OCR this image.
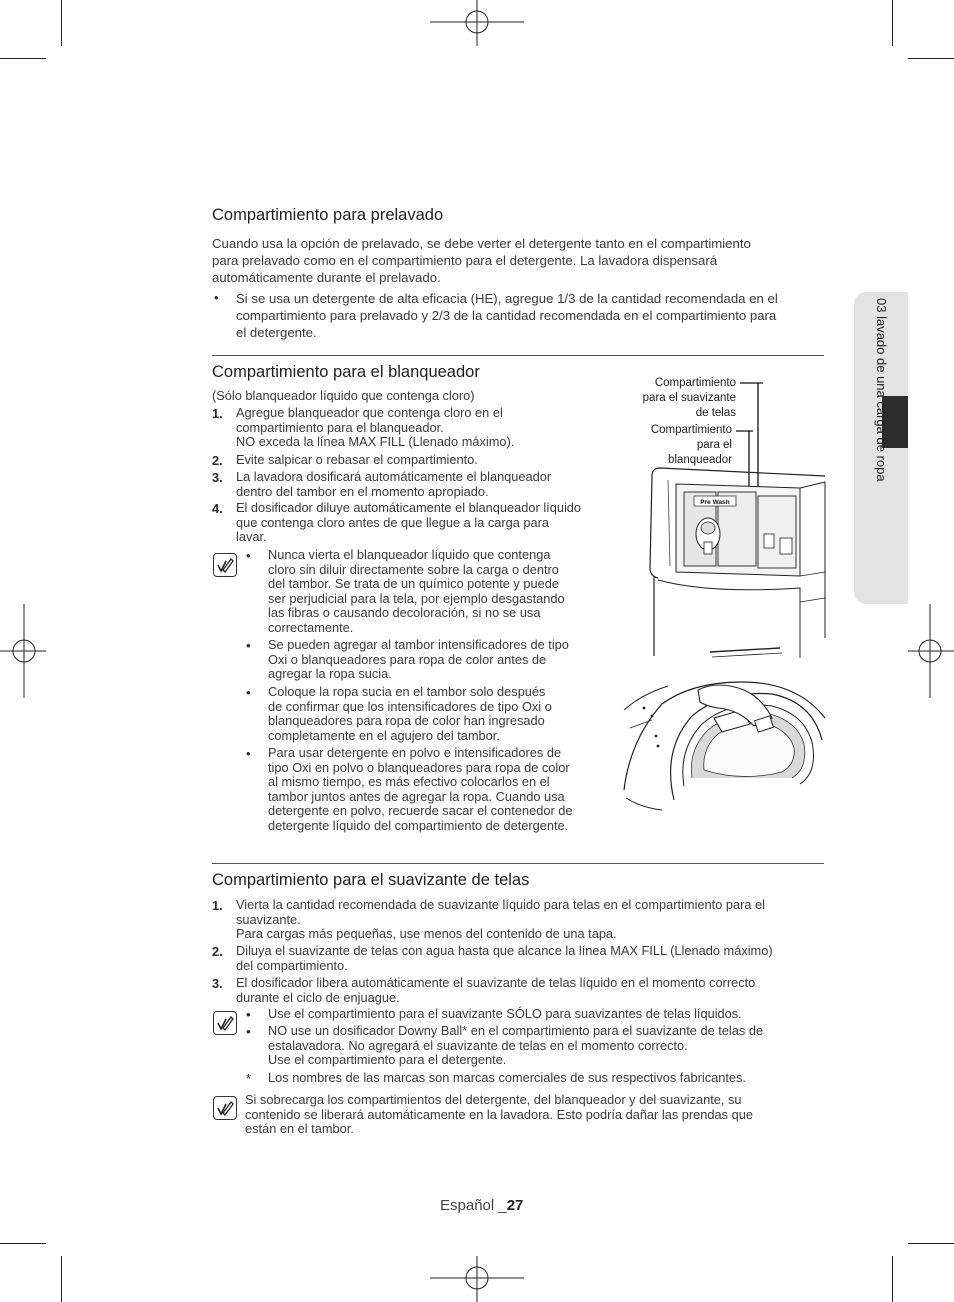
03 lavado de una carga de ropa
Compartimiento para prelavado
Cuando usa la opción de prelavado, se debe verter el detergente tanto en el compartimiento
para prelavado como en el compartimiento para el detergente. La lavadora dispensará
automáticamente durante el prelavado.
• Si se usa un detergente de alta eficacia (HE), agregue 1/3 de la cantidad recomendada en el
compartimiento para prelavado y 2/3 de la cantidad recomendada en el compartimiento para
el detergente.
Compartimiento para el blanqueador
(Sólo blanqueador líquido que contenga cloro)
1. Agregue blanqueador que contenga cloro en el
compartimiento para el blanqueador.
NO exceda la línea MAX FILL (Llenado máximo).
2. Evite salpicar o rebasar el compartimiento.
3. La lavadora dosificará automáticamente el blanqueador
dentro del tambor en el momento apropiado.
4. El dosificador diluye automáticamente el blanqueador líquido
que contenga cloro antes de que llegue a la carga para
lavar.
• Nunca vierta el blanqueador líquido que contenga
cloro sin diluir directamente sobre la carga o dentro
del tambor. Se trata de un químico potente y puede
ser perjudicial para la tela, por ejemplo desgastando
las fibras o causando decoloración, si no se usa
correctamente.
• Se pueden agregar al tambor intensificadores de tipo
Oxi o blanqueadores para ropa de color antes de
agregar la ropa sucia.
• Coloque la ropa sucia en el tambor solo después
de confirmar que los intensificadores de tipo Oxi o
blanqueadores para ropa de color han ingresado
completamente en el agujero del tambor.
• Para usar detergente en polvo e intensificadores de
tipo Oxi en polvo o blanqueadores para ropa de color
al mismo tiempo, es más efectivo colocarlos en el
tambor juntos antes de agregar la ropa. Cuando usa
detergente en polvo, recuerde sacar el contenedor de
detergente líquido del compartimiento de detergente.
Compartimiento
para el suavizante
de telas
Compartimiento
para el
blanqueador
Pre Wash
Compartimiento para el suavizante de telas
1. Vierta la cantidad recomendada de suavizante líquido para telas en el compartimiento para el
suavizante.
Para cargas más pequeñas, use menos del contenido de una tapa.
2. Diluya el suavizante de telas con agua hasta que alcance la línea MAX FILL (Llenado máximo)
del compartimiento.
3. El dosificador libera automáticamente el suavizante de telas líquido en el momento correcto
durante el ciclo de enjuague.
• Use el compartimiento para el suavizante SÓLO para suavizantes de telas líquidos.
• NO use un dosificador Downy Ball* en el compartimiento para el suavizante de telas de
estalavadora. No agregará el suavizante de telas en el momento correcto.
Use el compartimiento para el detergente.
* Los nombres de las marcas son marcas comerciales de sus respectivos fabricantes.
Si sobrecarga los compartimientos del detergente, del blanqueador y del suavizante, su
contenido se liberará automáticamente en la lavadora. Esto podría dañar las prendas que
están en el tambor.
Español _27
